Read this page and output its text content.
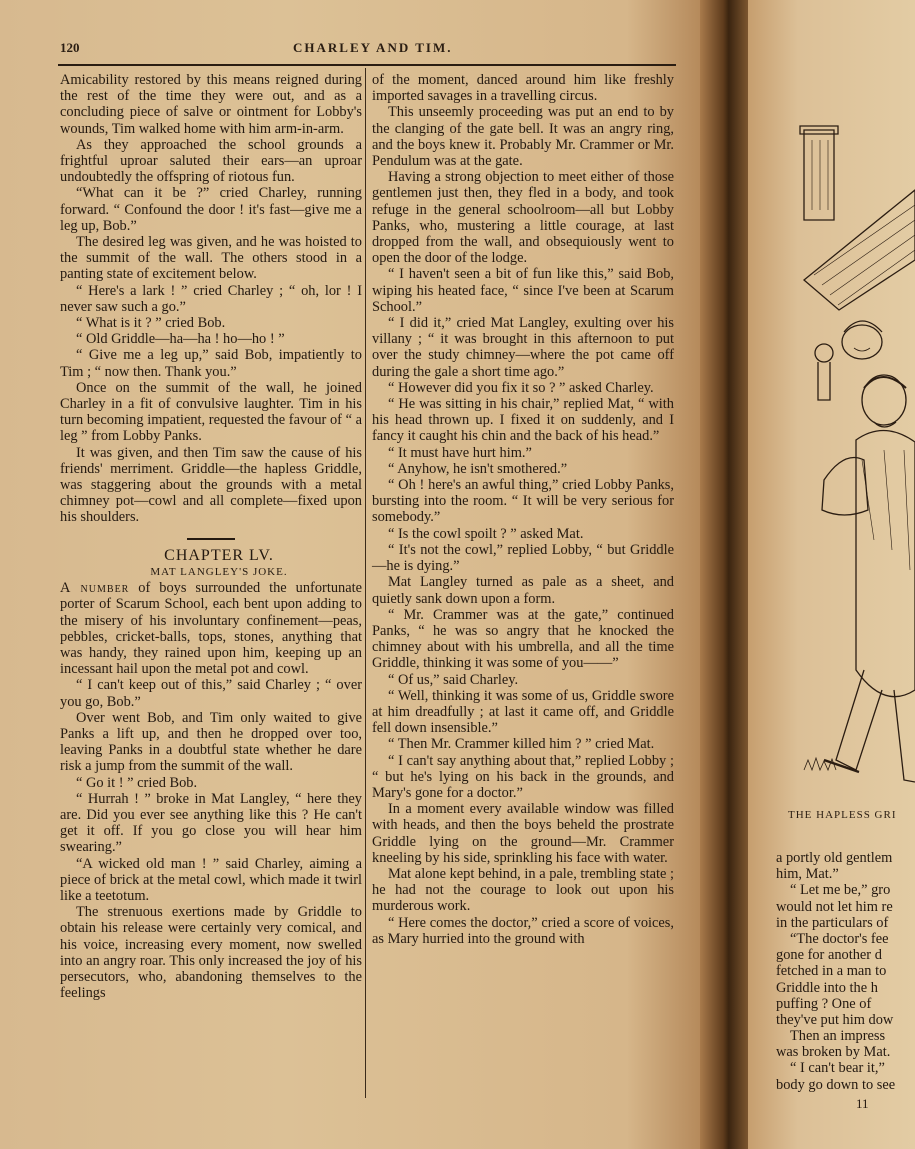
120	CHARLEY AND TIM.

Amicability restored by this means reigned during the rest of the time they were out, and as a concluding piece of salve or ointment for Lobby's wounds, Tim walked home with him arm-in-arm.

As they approached the school grounds a frightful uproar saluted their ears—an uproar undoubtedly the offspring of riotous fun.

“What can it be ?” cried Charley, running forward. “ Confound the door ! it's fast—give me a leg up, Bob.”

The desired leg was given, and he was hoisted to the summit of the wall. The others stood in a panting state of excitement below.

“ Here's a lark ! ” cried Charley ; “ oh, lor ! I never saw such a go.”

“ What is it ? ” cried Bob.

“ Old Griddle—ha—ha ! ho—ho ! ”

“ Give me a leg up,” said Bob, impatiently to Tim ; “ now then. Thank you.”

Once on the summit of the wall, he joined Charley in a fit of convulsive laughter. Tim in his turn becoming impatient, requested the favour of “ a leg ” from Lobby Panks.

It was given, and then Tim saw the cause of his friends' merriment. Griddle—the hapless Griddle, was staggering about the grounds with a metal chimney pot—cowl and all complete—fixed upon his shoulders.

CHAPTER LV.

MAT LANGLEY'S JOKE.

A number of boys surrounded the unfortunate porter of Scarum School, each bent upon adding to the misery of his involuntary confinement—peas, pebbles, cricket-balls, tops, stones, anything that was handy, they rained upon him, keeping up an incessant hail upon the metal pot and cowl.

“ I can't keep out of this,” said Charley ; “ over you go, Bob.”

Over went Bob, and Tim only waited to give Panks a lift up, and then he dropped over too, leaving Panks in a doubtful state whether he dare risk a jump from the summit of the wall.

“ Go it ! ” cried Bob.

“ Hurrah ! ” broke in Mat Langley, “ here they are. Did you ever see anything like this ? He can't get it off. If you go close you will hear him swearing.”

“A wicked old man ! ” said Charley, aiming a piece of brick at the metal cowl, which made it twirl like a teetotum.

The strenuous exertions made by Griddle to obtain his release were certainly very comical, and his voice, increasing every moment, now swelled into an angry roar. This only increased the joy of his persecutors, who, abandoning themselves to the feelings

of the moment, danced around him like freshly imported savages in a travelling circus.

This unseemly proceeding was put an end to by the clanging of the gate bell. It was an angry ring, and the boys knew it. Probably Mr. Crammer or Mr. Pendulum was at the gate.

Having a strong objection to meet either of those gentlemen just then, they fled in a body, and took refuge in the general schoolroom—all but Lobby Panks, who, mustering a little courage, at last dropped from the wall, and obsequiously went to open the door of the lodge.

“ I haven't seen a bit of fun like this,” said Bob, wiping his heated face, “ since I've been at Scarum School.”

“ I did it,” cried Mat Langley, exulting over his villany ; “ it was brought in this afternoon to put over the study chimney—where the pot came off during the gale a short time ago.”

“ However did you fix it so ? ” asked Charley.

“ He was sitting in his chair,” replied Mat, “ with his head thrown up. I fixed it on suddenly, and I fancy it caught his chin and the back of his head.”

“ It must have hurt him.”

“ Anyhow, he isn't smothered.”

“ Oh ! here's an awful thing,” cried Lobby Panks, bursting into the room. “ It will be very serious for somebody.”

“ Is the cowl spoilt ? ” asked Mat.

“ It's not the cowl,” replied Lobby, “ but Griddle—he is dying.”

Mat Langley turned as pale as a sheet, and quietly sank down upon a form.

“ Mr. Crammer was at the gate,” continued Panks, “ he was so angry that he knocked the chimney about with his umbrella, and all the time Griddle, thinking it was some of you——”

“ Of us,” said Charley.

“ Well, thinking it was some of us, Griddle swore at him dreadfully ; at last it came off, and Griddle fell down insensible.”

“ Then Mr. Crammer killed him ? ” cried Mat.

“ I can't say anything about that,” replied Lobby ; “ but he's lying on his back in the grounds, and Mary's gone for a doctor.”

In a moment every available window was filled with heads, and then the boys beheld the prostrate Griddle lying on the ground—Mr. Crammer kneeling by his side, sprinkling his face with water.

Mat alone kept behind, in a pale, trembling state ; he had not the courage to look out upon his murderous work.

“ Here comes the doctor,” cried a score of voices, as Mary hurried into the ground with

THE HAPLESS GRI
a portly old gentlem
him, Mat.”
“ Let me be,” gro
would not let him re
in the particulars of
“The doctor's fee
gone for another d
fetched in a man to
Griddle into the h
puffing ? One of
they've put him dow
Then an impress
was broken by Mat.
“ I can't bear it,”
body go down to see
11
